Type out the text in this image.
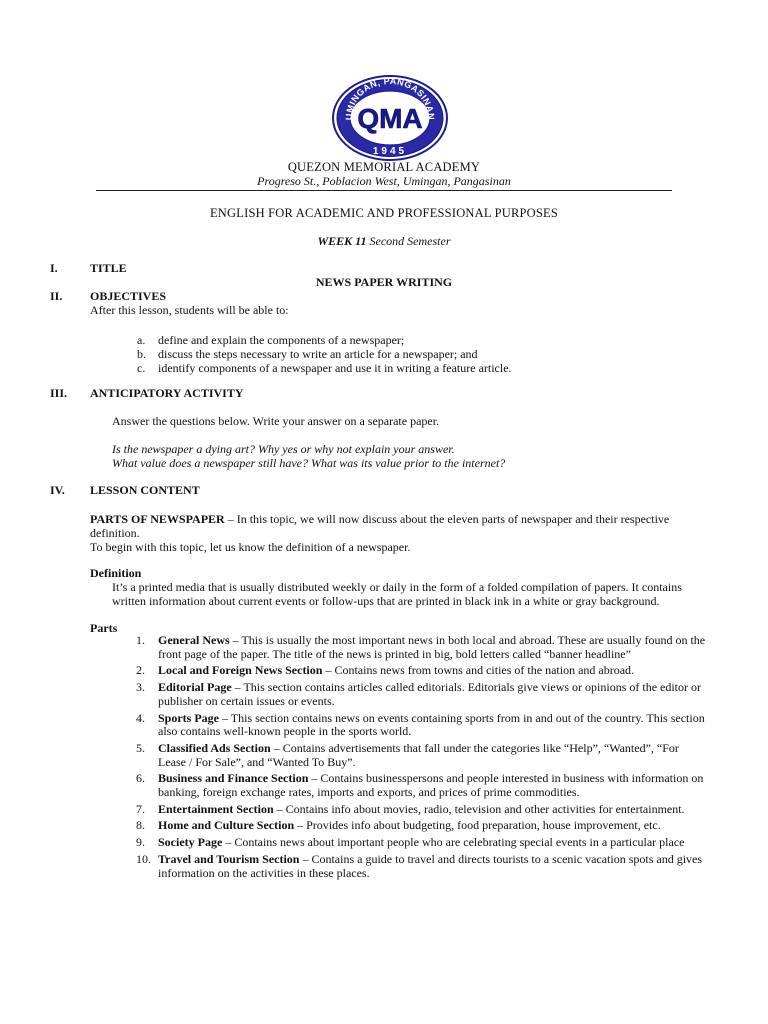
UMINGAN, PANGASINAN
QMA
1945
QUEZON MEMORIAL ACADEMY
Progreso St., Poblacion West, Umingan, Pangasinan
ENGLISH FOR ACADEMIC AND PROFESSIONAL PURPOSES
WEEK 11 Second Semester
I.	TITLE
NEWS PAPER WRITING
II. OBJECTIVES
After this lesson, students will be able to:
a. define and explain the components of a newspaper;
b. discuss the steps necessary to write an article for a newspaper; and
c. identify components of a newspaper and use it in writing a feature article.
III. ANTICIPATORY ACTIVITY
Answer the questions below. Write your answer on a separate paper.
Is the newspaper a dying art? Why yes or why not explain your answer.
What value does a newspaper still have? What was its value prior to the internet?
IV. LESSON CONTENT
PARTS OF NEWSPAPER – In this topic, we will now discuss about the eleven parts of newspaper and their respective definition.
To begin with this topic, let us know the definition of a newspaper.
Definition
It’s a printed media that is usually distributed weekly or daily in the form of a folded compilation of papers. It contains written information about current events or follow-ups that are printed in black ink in a white or gray background.
Parts
1. General News – This is usually the most important news in both local and abroad. These are usually found on the front page of the paper. The title of the news is printed in big, bold letters called “banner headline”
2. Local and Foreign News Section – Contains news from towns and cities of the nation and abroad.
3. Editorial Page – This section contains articles called editorials. Editorials give views or opinions of the editor or publisher on certain issues or events.
4. Sports Page – This section contains news on events containing sports from in and out of the country. This section also contains well-known people in the sports world.
5. Classified Ads Section – Contains advertisements that fall under the categories like “Help”, “Wanted”, “For Lease / For Sale”, and “Wanted To Buy”.
6. Business and Finance Section – Contains businesspersons and people interested in business with information on banking, foreign exchange rates, imports and exports, and prices of prime commodities.
7. Entertainment Section – Contains info about movies, radio, television and other activities for entertainment.
8. Home and Culture Section – Provides info about budgeting, food preparation, house improvement, etc.
9. Society Page – Contains news about important people who are celebrating special events in a particular place
10. Travel and Tourism Section – Contains a guide to travel and directs tourists to a scenic vacation spots and gives information on the activities in these places.
